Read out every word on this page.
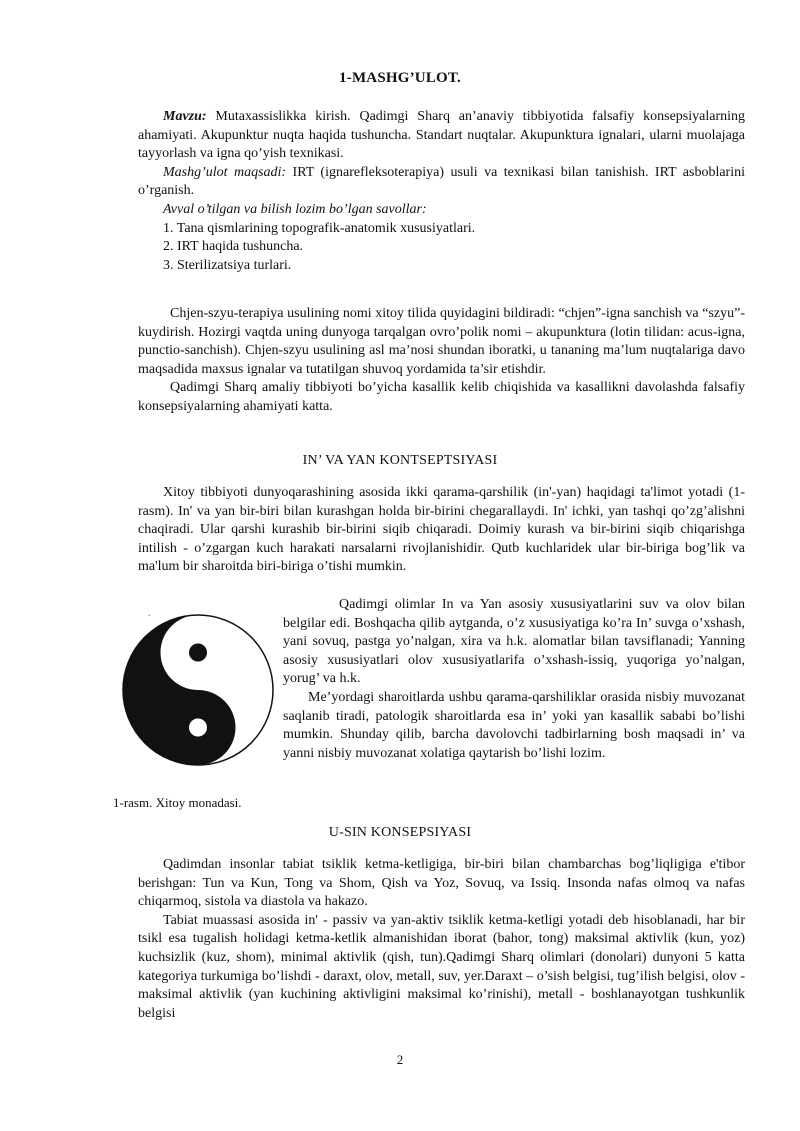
1-MASHG’ULOT.

Mavzu: Mutaxassislikka kirish. Qadimgi Sharq an’anaviy tibbiyotida falsafiy konsepsiyalarning ahamiyati. Akupunktur nuqta haqida tushuncha. Standart nuqtalar. Akupunktura ignalari, ularni muolajaga tayyorlash va igna qo’yish texnikasi.

Mashg’ulot maqsadi: IRT (ignarefleksoterapiya) usuli va texnikasi bilan tanishish. IRT asboblarini o’rganish.

Avval o’tilgan va bilish lozim bo’lgan savollar:

1. Tana qismlarining topografik-anatomik xususiyatlari.
2. IRT haqida tushuncha.
3. Sterilizatsiya turlari.

Chjen-szyu-terapiya usulining nomi xitoy tilida quyidagini bildiradi: “chjen”-igna sanchish va “szyu”-kuydirish. Hozirgi vaqtda uning dunyoga tarqalgan ovro’polik nomi – akupunktura (lotin tilidan: acus-igna, punctio-sanchish). Chjen-szyu usulining asl ma’nosi shundan iboratki, u tananing ma’lum nuqtalariga davo maqsadida maxsus ignalar va tutatilgan shuvoq yordamida ta’sir etishdir.

Qadimgi Sharq amaliy tibbiyoti bo’yicha kasallik kelib chiqishida va kasallikni davolashda falsafiy konsepsiyalarning ahamiyati katta.

IN’ VA YAN KONTSEPTSIYASI

Xitoy tibbiyoti dunyoqarashining asosida ikki qarama-qarshilik (in'-yan) haqidagi ta'limot yotadi (1-rasm). In' va yan bir-biri bilan kurashgan holda bir-birini chegarallaydi. In' ichki, yan tashqi qo’zg’alishni chaqiradi. Ular qarshi kurashib bir-birini siqib chiqaradi. Doimiy kurash va bir-birini siqib chiqarishga intilish - o’zgargan kuch harakati narsalarni rivojlanishidir. Qutb kuchlaridek ular bir-biriga bog’lik va ma'lum bir sharoitda biri-biriga o’tishi mumkin.

.

Qadimgi olimlar In va Yan asosiy xususiyatlarini suv va olov bilan belgilar edi. Boshqacha qilib aytganda, o’z xususiyatiga ko’ra In’ suvga o’xshash, yani sovuq, pastga yo’nalgan, xira va h.k. alomatlar bilan tavsiflanadi; Yanning asosiy xususiyatlari olov xususiyatlarifa o’xshash-issiq, yuqoriga yo’nalgan, yorug’ va h.k.

Me’yordagi sharoitlarda ushbu qarama-qarshiliklar orasida nisbiy muvozanat saqlanib tiradi, patologik sharoitlarda esa in’ yoki yan kasallik sababi bo’lishi mumkin. Shunday qilib, barcha davolovchi tadbirlarning bosh maqsadi in’ va yanni nisbiy muvozanat xolatiga qaytarish bo’lishi lozim.

1-rasm. Xitoy monadasi.
U-SIN KONSEPSIYASI

Qadimdan insonlar tabiat tsiklik ketma-ketligiga, bir-biri bilan chambarchas bog’liqligiga e'tibor berishgan: Tun va Kun, Tong va Shom, Qish va Yoz, Sovuq, va Issiq. Insonda nafas olmoq va nafas chiqarmoq, sistola va diastola va hakazo.

Tabiat muassasi asosida in' - passiv va yan-aktiv tsiklik ketma-ketligi yotadi deb hisoblanadi, har bir tsikl esa tugalish holidagi ketma-ketlik almanishidan iborat (bahor, tong) maksimal aktivlik (kun, yoz) kuchsizlik (kuz, shom), minimal aktivlik (qish, tun).Qadimgi Sharq olimlari (donolari) dunyoni 5 katta kategoriya turkumiga bo’lishdi - daraxt, olov, metall, suv, yer.Daraxt – o’sish belgisi, tug’ilish belgisi, olov - maksimal aktivlik (yan kuchining aktivligini maksimal ko’rinishi), metall - boshlanayotgan tushkunlik belgisi

2
